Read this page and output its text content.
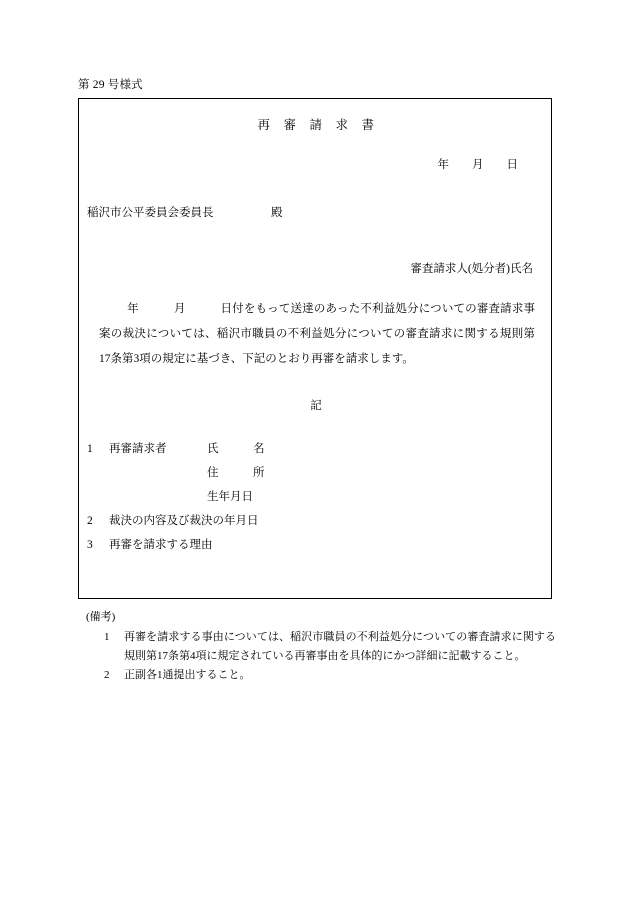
第 29 号様式
再　審　請　求　書
年　　月　　日
稲沢市公平委員会委員長　　　　　殿
審査請求人(処分者)氏名
年　　　月　　　日付をもって送達のあった不利益処分についての審査請求事案の裁決については、稲沢市職員の不利益処分についての審査請求に関する規則第17条第3項の規定に基づき、下記のとおり再審を請求します。
記
1 再審請求者	氏　　　名
住　　　所
生年月日
2 裁決の内容及び裁決の年月日
3 再審を請求する理由
(備考)
1 再審を請求する事由については、稲沢市職員の不利益処分についての審査請求に関する規則第17条第4項に規定されている再審事由を具体的にかつ詳細に記載すること。
2 正副各1通提出すること。
